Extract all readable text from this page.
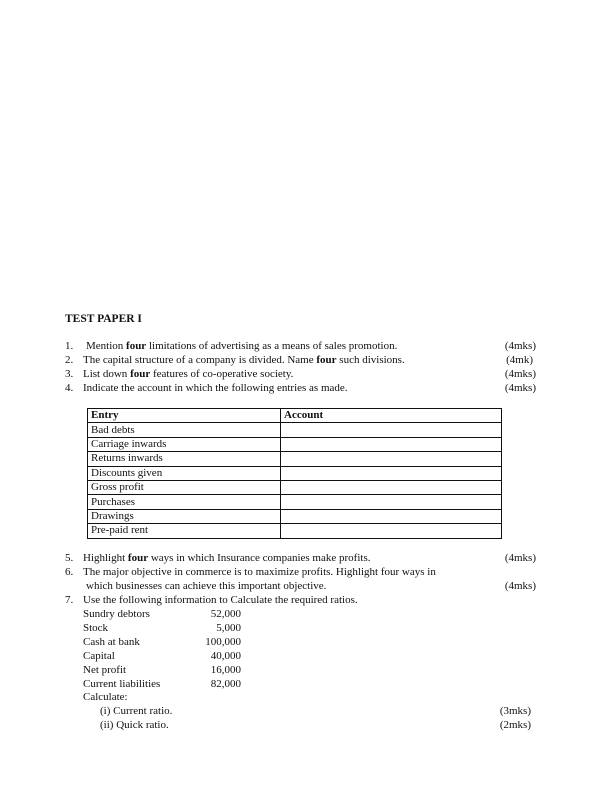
TEST PAPER I
1. Mention four limitations of advertising as a means of sales promotion.	(4mks)
2. The capital structure of a company is divided. Name four such divisions.	(4mk)
3. List down four features of co-operative society.	(4mks)
4. Indicate the account in which the following entries as made.	(4mks)
Entry	Account
Bad debts	
Carriage inwards	
Returns inwards	
Discounts given	
Gross profit	
Purchases	
Drawings	
Pre-paid rent	
5. Highlight four ways in which Insurance companies make profits.	(4mks)
6. The major objective in commerce is to maximize profits. Highlight four ways in
which businesses can achieve this important objective.	(4mks)
7. Use the following information to Calculate the required ratios.
Sundry debtors	52,000
Stock	5,000
Cash at bank	100,000
Capital	40,000
Net profit	16,000
Current liabilities	82,000
Calculate:
(i) Current ratio.	(3mks)
(ii) Quick ratio.	(2mks)
